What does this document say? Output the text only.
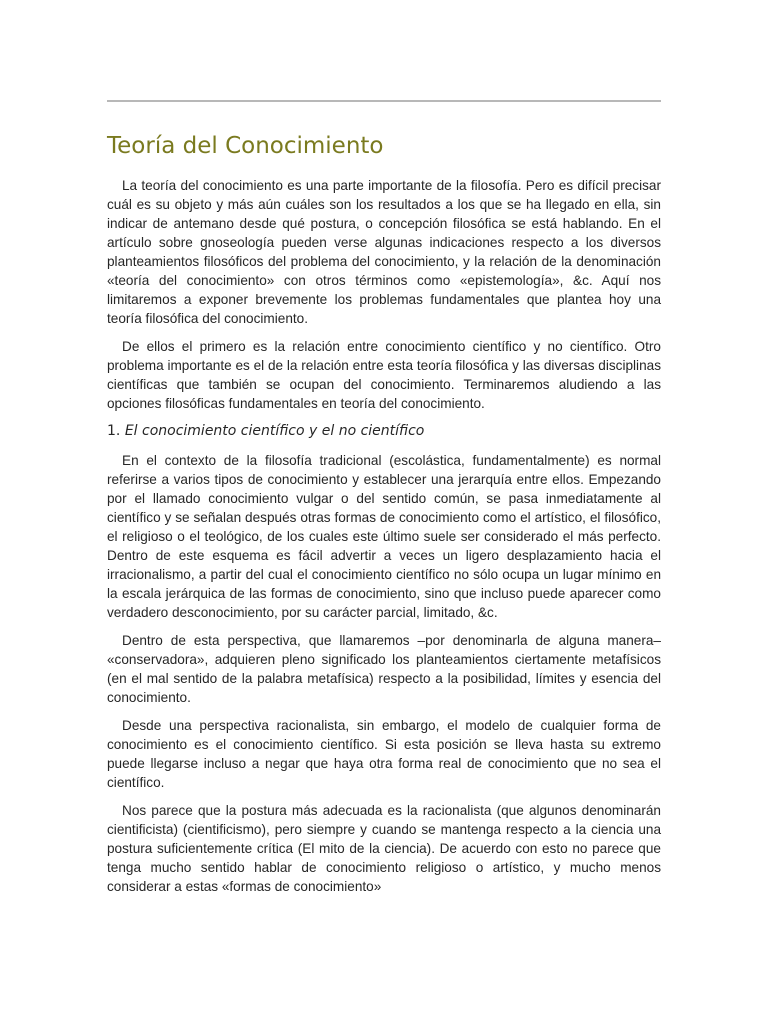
Teoría del Conocimiento

La teoría del conocimiento es una parte importante de la filosofía. Pero es difícil precisar cuál es su objeto y más aún cuáles son los resultados a los que se ha llegado en ella, sin indicar de antemano desde qué postura, o concepción filosófica se está hablando. En el artículo sobre gnoseología pueden verse algunas indicaciones respecto a los diversos planteamientos filosóficos del problema del conocimiento, y la relación de la denominación «teoría del conocimiento» con otros términos como «epistemología», &c. Aquí nos limitaremos a exponer brevemente los problemas fundamentales que plantea hoy una teoría filosófica del conocimiento.

De ellos el primero es la relación entre conocimiento científico y no científico. Otro problema importante es el de la relación entre esta teoría filosófica y las diversas disciplinas científicas que también se ocupan del conocimiento. Terminaremos aludiendo a las opciones filosóficas fundamentales en teoría del conocimiento.

1. El conocimiento científico y el no científico

En el contexto de la filosofía tradicional (escolástica, fundamentalmente) es normal referirse a varios tipos de conocimiento y establecer una jerarquía entre ellos. Empezando por el llamado conocimiento vulgar o del sentido común, se pasa inmediatamente al científico y se señalan después otras formas de conocimiento como el artístico, el filosófico, el religioso o el teológico, de los cuales este último suele ser considerado el más perfecto. Dentro de este esquema es fácil advertir a veces un ligero desplazamiento hacia el irracionalismo, a partir del cual el conocimiento científico no sólo ocupa un lugar mínimo en la escala jerárquica de las formas de conocimiento, sino que incluso puede aparecer como verdadero desconocimiento, por su carácter parcial, limitado, &c.

Dentro de esta perspectiva, que llamaremos –por denominarla de alguna manera– «conservadora», adquieren pleno significado los planteamientos ciertamente metafísicos (en el mal sentido de la palabra metafísica) respecto a la posibilidad, límites y esencia del conocimiento.

Desde una perspectiva racionalista, sin embargo, el modelo de cualquier forma de conocimiento es el conocimiento científico. Si esta posición se lleva hasta su extremo puede llegarse incluso a negar que haya otra forma real de conocimiento que no sea el científico.

Nos parece que la postura más adecuada es la racionalista (que algunos denominarán cientificista) (cientificismo), pero siempre y cuando se mantenga respecto a la ciencia una postura suficientemente crítica (El mito de la ciencia). De acuerdo con esto no parece que tenga mucho sentido hablar de conocimiento religioso o artístico, y mucho menos considerar a estas «formas de conocimiento»
